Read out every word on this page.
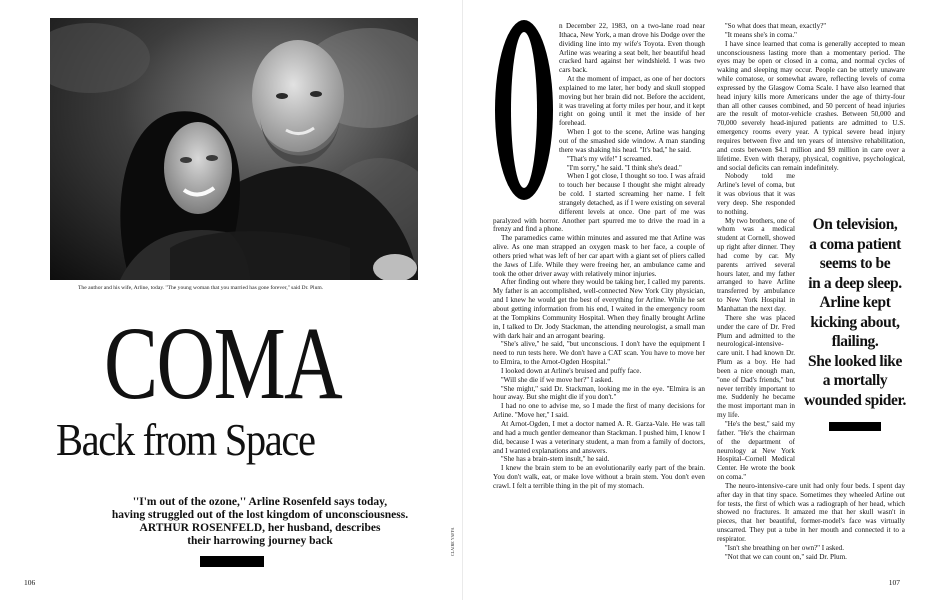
The author and his wife, Arline, today. ''The young woman that you married has gone forever,'' said Dr. Plum.
COMA
Back from Space
''I'm out of the ozone,'' Arline Rosenfeld says today,
having struggled out of the lost kingdom of unconsciousness.
ARTHUR ROSENFELD, her husband, describes
their harrowing journey back
106
CLAIRE YAFFA
107

n December 22, 1983, on a two-lane road near Ithaca, New York, a man drove his Dodge over the dividing line into my wife's Toyota. Even though Arline was wearing a seat belt, her beautiful head cracked hard against her windshield. I was two cars back.

At the moment of impact, as one of her doctors explained to me later, her body and skull stopped moving but her brain did not. Before the accident, it was traveling at forty miles per hour, and it kept right on going until it met the inside of her forehead.

When I got to the scene, Arline was hanging out of the smashed side window. A man standing there was shaking his head. ''It's bad,'' he said.

''That's my wife!'' I screamed.

''I'm sorry,'' he said. ''I think she's dead.''

When I got close, I thought so too. I was afraid to touch her because I thought she might already be cold. I started screaming her name. I felt strangely detached, as if I were existing on several different levels at once. One part of me was paralyzed with horror. Another part spurred me to drive the road in a frenzy and find a phone.

The paramedics came within minutes and assured me that Arline was alive. As one man strapped an oxygen mask to her face, a couple of others pried what was left of her car apart with a giant set of pliers called the Jaws of Life. While they were freeing her, an ambulance came and took the other driver away with relatively minor injuries.

After finding out where they would be taking her, I called my parents. My father is an accomplished, well-connected New York City physician, and I knew he would get the best of everything for Arline. While he set about getting information from his end, I waited in the emergency room at the Tompkins Community Hospital. When they finally brought Arline in, I talked to Dr. Jody Stackman, the attending neurologist, a small man with dark hair and an arrogant bearing.

''She's alive,'' he said, ''but unconscious. I don't have the equipment I need to run tests here. We don't have a CAT scan. You have to move her to Elmira, to the Arnot-Ogden Hospital.''

I looked down at Arline's bruised and puffy face.

''Will she die if we move her?'' I asked.

''She might,'' said Dr. Stackman, looking me in the eye. ''Elmira is an hour away. But she might die if you don't.''

I had no one to advise me, so I made the first of many decisions for Arline. ''Move her,'' I said.

At Arnot-Ogden, I met a doctor named A. R. Garza-Vale. He was tall and had a much gentler demeanor than Stackman. I pushed him, I know I did, because I was a veterinary student, a man from a family of doctors, and I wanted explanations and answers.

''She has a brain-stem insult,'' he said.

I knew the brain stem to be an evolutionarily early part of the brain. You don't walk, eat, or make love without a brain stem. You don't even crawl. I felt a terrible thing in the pit of my stomach.

''So what does that mean, exactly?''

''It means she's in coma.''

I have since learned that coma is generally accepted to mean unconsciousness lasting more than a momentary period. The eyes may be open or closed in a coma, and normal cycles of waking and sleeping may occur. People can be utterly unaware while comatose, or somewhat aware, reflecting levels of coma expressed by the Glasgow Coma Scale. I have also learned that head injury kills more Americans under the age of thirty-four than all other causes combined, and 50 percent of head injuries are the result of motor-vehicle crashes. Between 50,000 and 70,000 severely head-injured patients are admitted to U.S. emergency rooms every year. A typical severe head injury requires between five and ten years of intensive rehabilitation, and costs between $4.1 million and $9 million in care over a lifetime. Even with therapy, physical, cognitive, psychological, and social deficits can remain indefinitely.

Nobody told me Arline's level of coma, but it was obvious that it was very deep. She responded to nothing.

My two brothers, one of whom was a medical student at Cornell, showed up right after dinner. They had come by car. My parents arrived several hours later, and my father arranged to have Arline transferred by ambulance to New York Hospital in Manhattan the next day.

There she was placed under the care of Dr. Fred Plum and admitted to the neurological-intensive-care unit. I had known Dr. Plum as a boy. He had been a nice enough man, ''one of Dad's friends,'' but never terribly important to me. Suddenly he became the most important man in my life.

''He's the best,'' said my father. ''He's the chairman of the department of neurology at New York Hospital–Cornell Medical Center. He wrote the book on coma.''

The neuro-intensive-care unit had only four beds. I spent day after day in that tiny space. Sometimes they wheeled Arline out for tests, the first of which was a radiograph of her head, which showed no fractures. It amazed me that her skull wasn't in pieces, that her beautiful, former-model's face was virtually unscarred. They put a tube in her mouth and connected it to a respirator.

''Isn't she breathing on her own?'' I asked.

''Not that we can count on,'' said Dr. Plum.

On television,
a coma patient
seems to be
in a deep sleep.
Arline kept
kicking about,
flailing.
She looked like
a mortally
wounded spider.
